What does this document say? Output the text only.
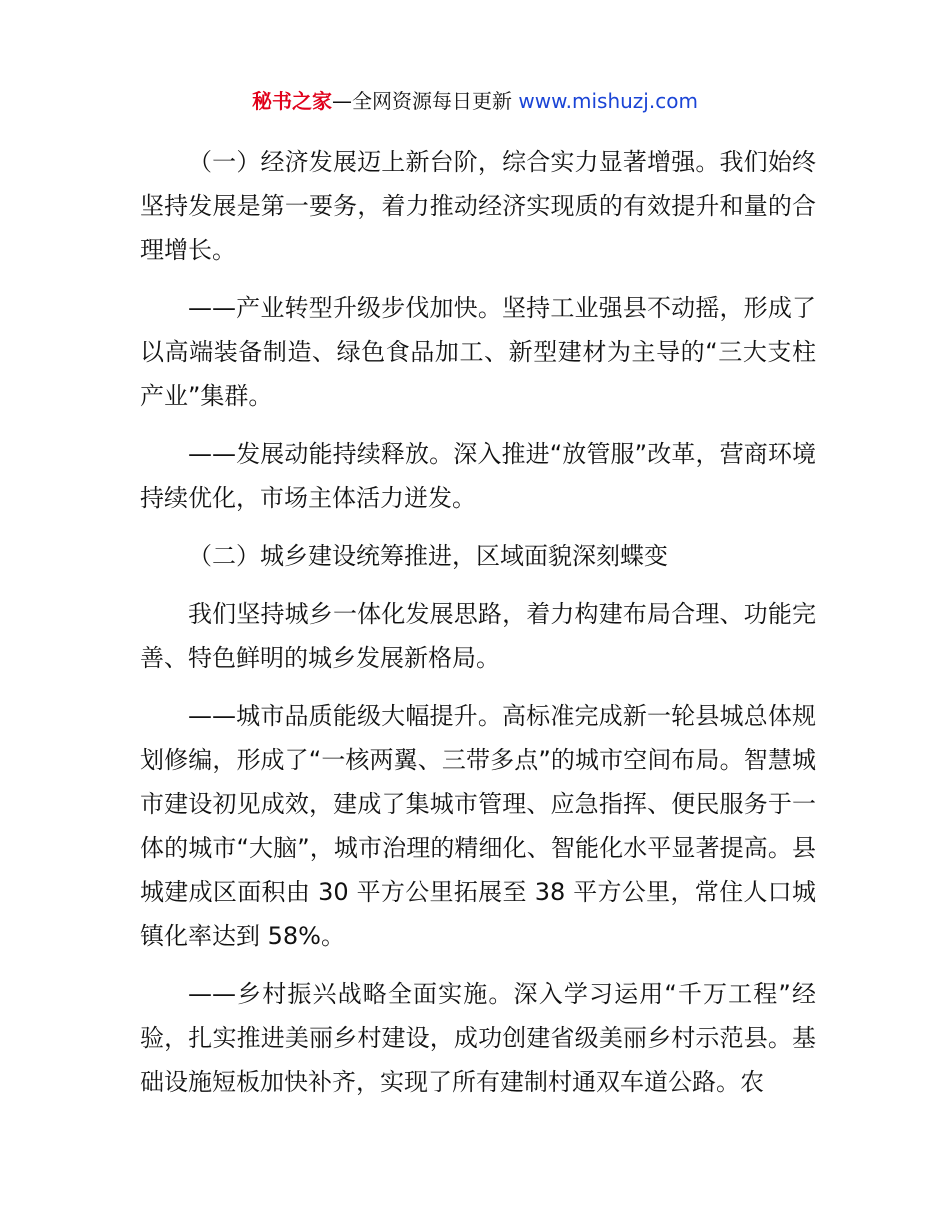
秘书之家—全网资源每日更新 www.mishuzj.com

（一）经济发展迈上新台阶，综合实力显著增强。我们始终坚持发展是第一要务，着力推动经济实现质的有效提升和量的合理增长。

——产业转型升级步伐加快。坚持工业强县不动摇，形成了以高端装备制造、绿色食品加工、新型建材为主导的“三大支柱产业”集群。

——发展动能持续释放。深入推进“放管服”改革，营商环境持续优化，市场主体活力迸发。

（二）城乡建设统筹推进，区域面貌深刻蝶变

我们坚持城乡一体化发展思路，着力构建布局合理、功能完善、特色鲜明的城乡发展新格局。

——城市品质能级大幅提升。高标准完成新一轮县城总体规划修编，形成了“一核两翼、三带多点”的城市空间布局。智慧城市建设初见成效，建成了集城市管理、应急指挥、便民服务于一体的城市“大脑”，城市治理的精细化、智能化水平显著提高。县城建成区面积由 30 平方公里拓展至 38 平方公里，常住人口城镇化率达到 58%。

——乡村振兴战略全面实施。深入学习运用“千万工程”经验，扎实推进美丽乡村建设，成功创建省级美丽乡村示范县。基础设施短板加快补齐，实现了所有建制村通双车道公路。农
